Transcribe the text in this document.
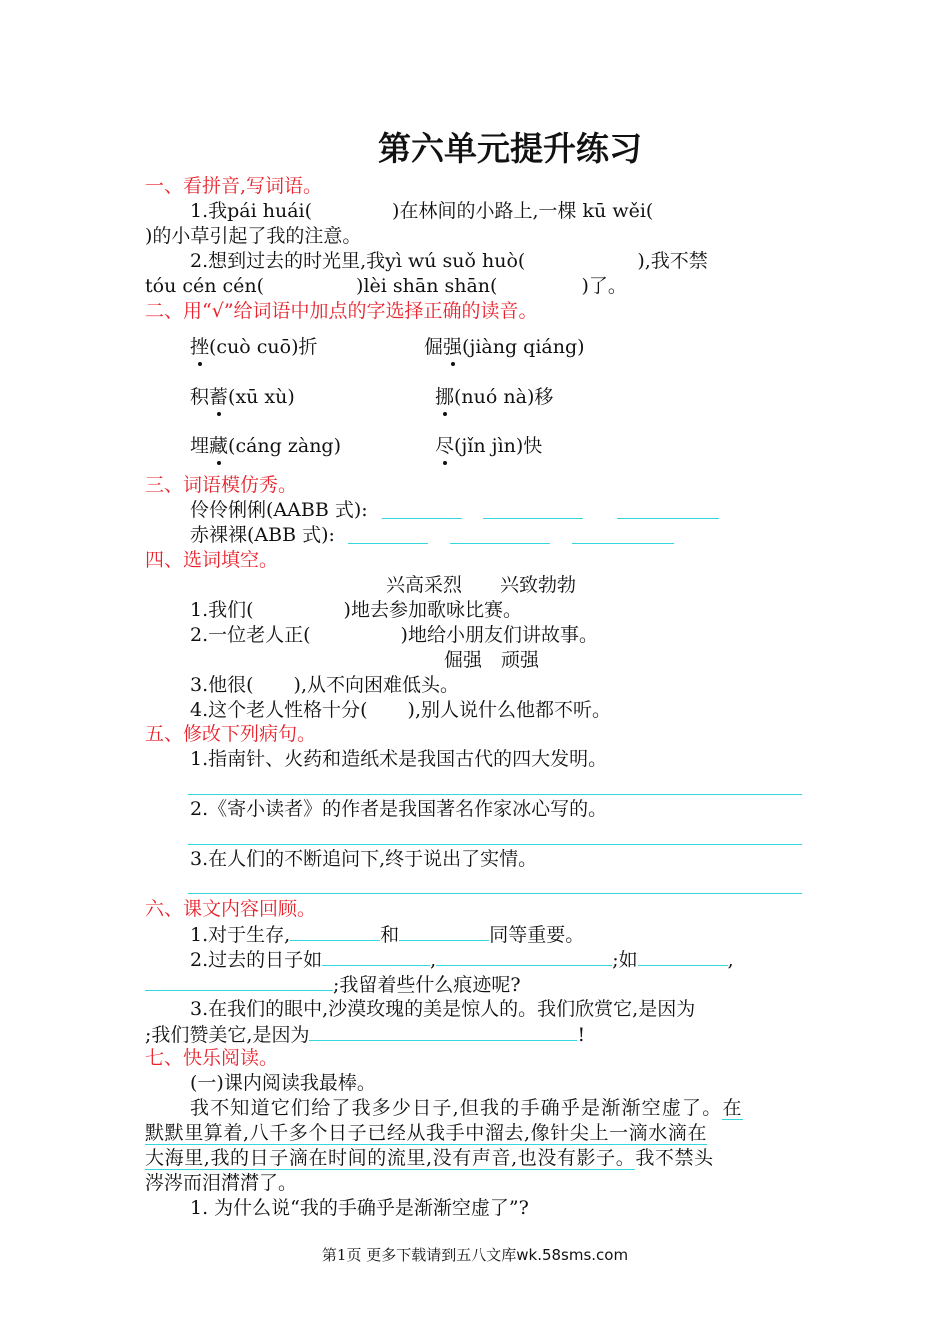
第六单元提升练习
一、看拼音,写词语。
1.我pái huái(	)在林间的小路上,一棵 kū wěi(
)的小草引起了我的注意。
2.想到过去的时光里,我yì wú suǒ huò(	),我不禁
tóu cén cén(	)lèi shān shān(	)了。
二、用“√”给词语中加点的字选择正确的读音。
挫(cuò cuō)折	倔强(jiàng qiáng)
积蓄(xū xù)	挪(nuó nà)移
埋藏(cáng zàng)	尽(jǐn jìn)快
三、词语模仿秀。
伶伶俐俐(AABB 式):
赤裸裸(ABB 式):
四、选词填空。
兴高采烈　　兴致勃勃
1.我们(	)地去参加歌咏比赛。
2.一位老人正(	)地给小朋友们讲故事。
倔强　顽强
3.他很( ),从不向困难低头。
4.这个老人性格十分( ),别人说什么他都不听。
五、修改下列病句。
1.指南针、火药和造纸术是我国古代的四大发明。
2.《寄小读者》的作者是我国著名作家冰心写的。
3.在人们的不断追问下,终于说出了实情。
六、课文内容回顾。
1.对于生存,	和	同等重要。
2.过去的日子如	,	;如	,
;我留着些什么痕迹呢?
3.在我们的眼中,沙漠玫瑰的美是惊人的。我们欣赏它,是因为
;我们赞美它,是因为	!
七、快乐阅读。
(一)课内阅读我最棒。
我不知道它们给了我多少日子,但我的手确乎是渐渐空虚了。在
默默里算着,八千多个日子已经从我手中溜去,像针尖上一滴水滴在
大海里,我的日子滴在时间的流里,没有声音,也没有影子。我不禁头
涔涔而泪潸潸了。
1. 为什么说“我的手确乎是渐渐空虚了”?
第1页 更多下载请到五八文库wk.58sms.com
